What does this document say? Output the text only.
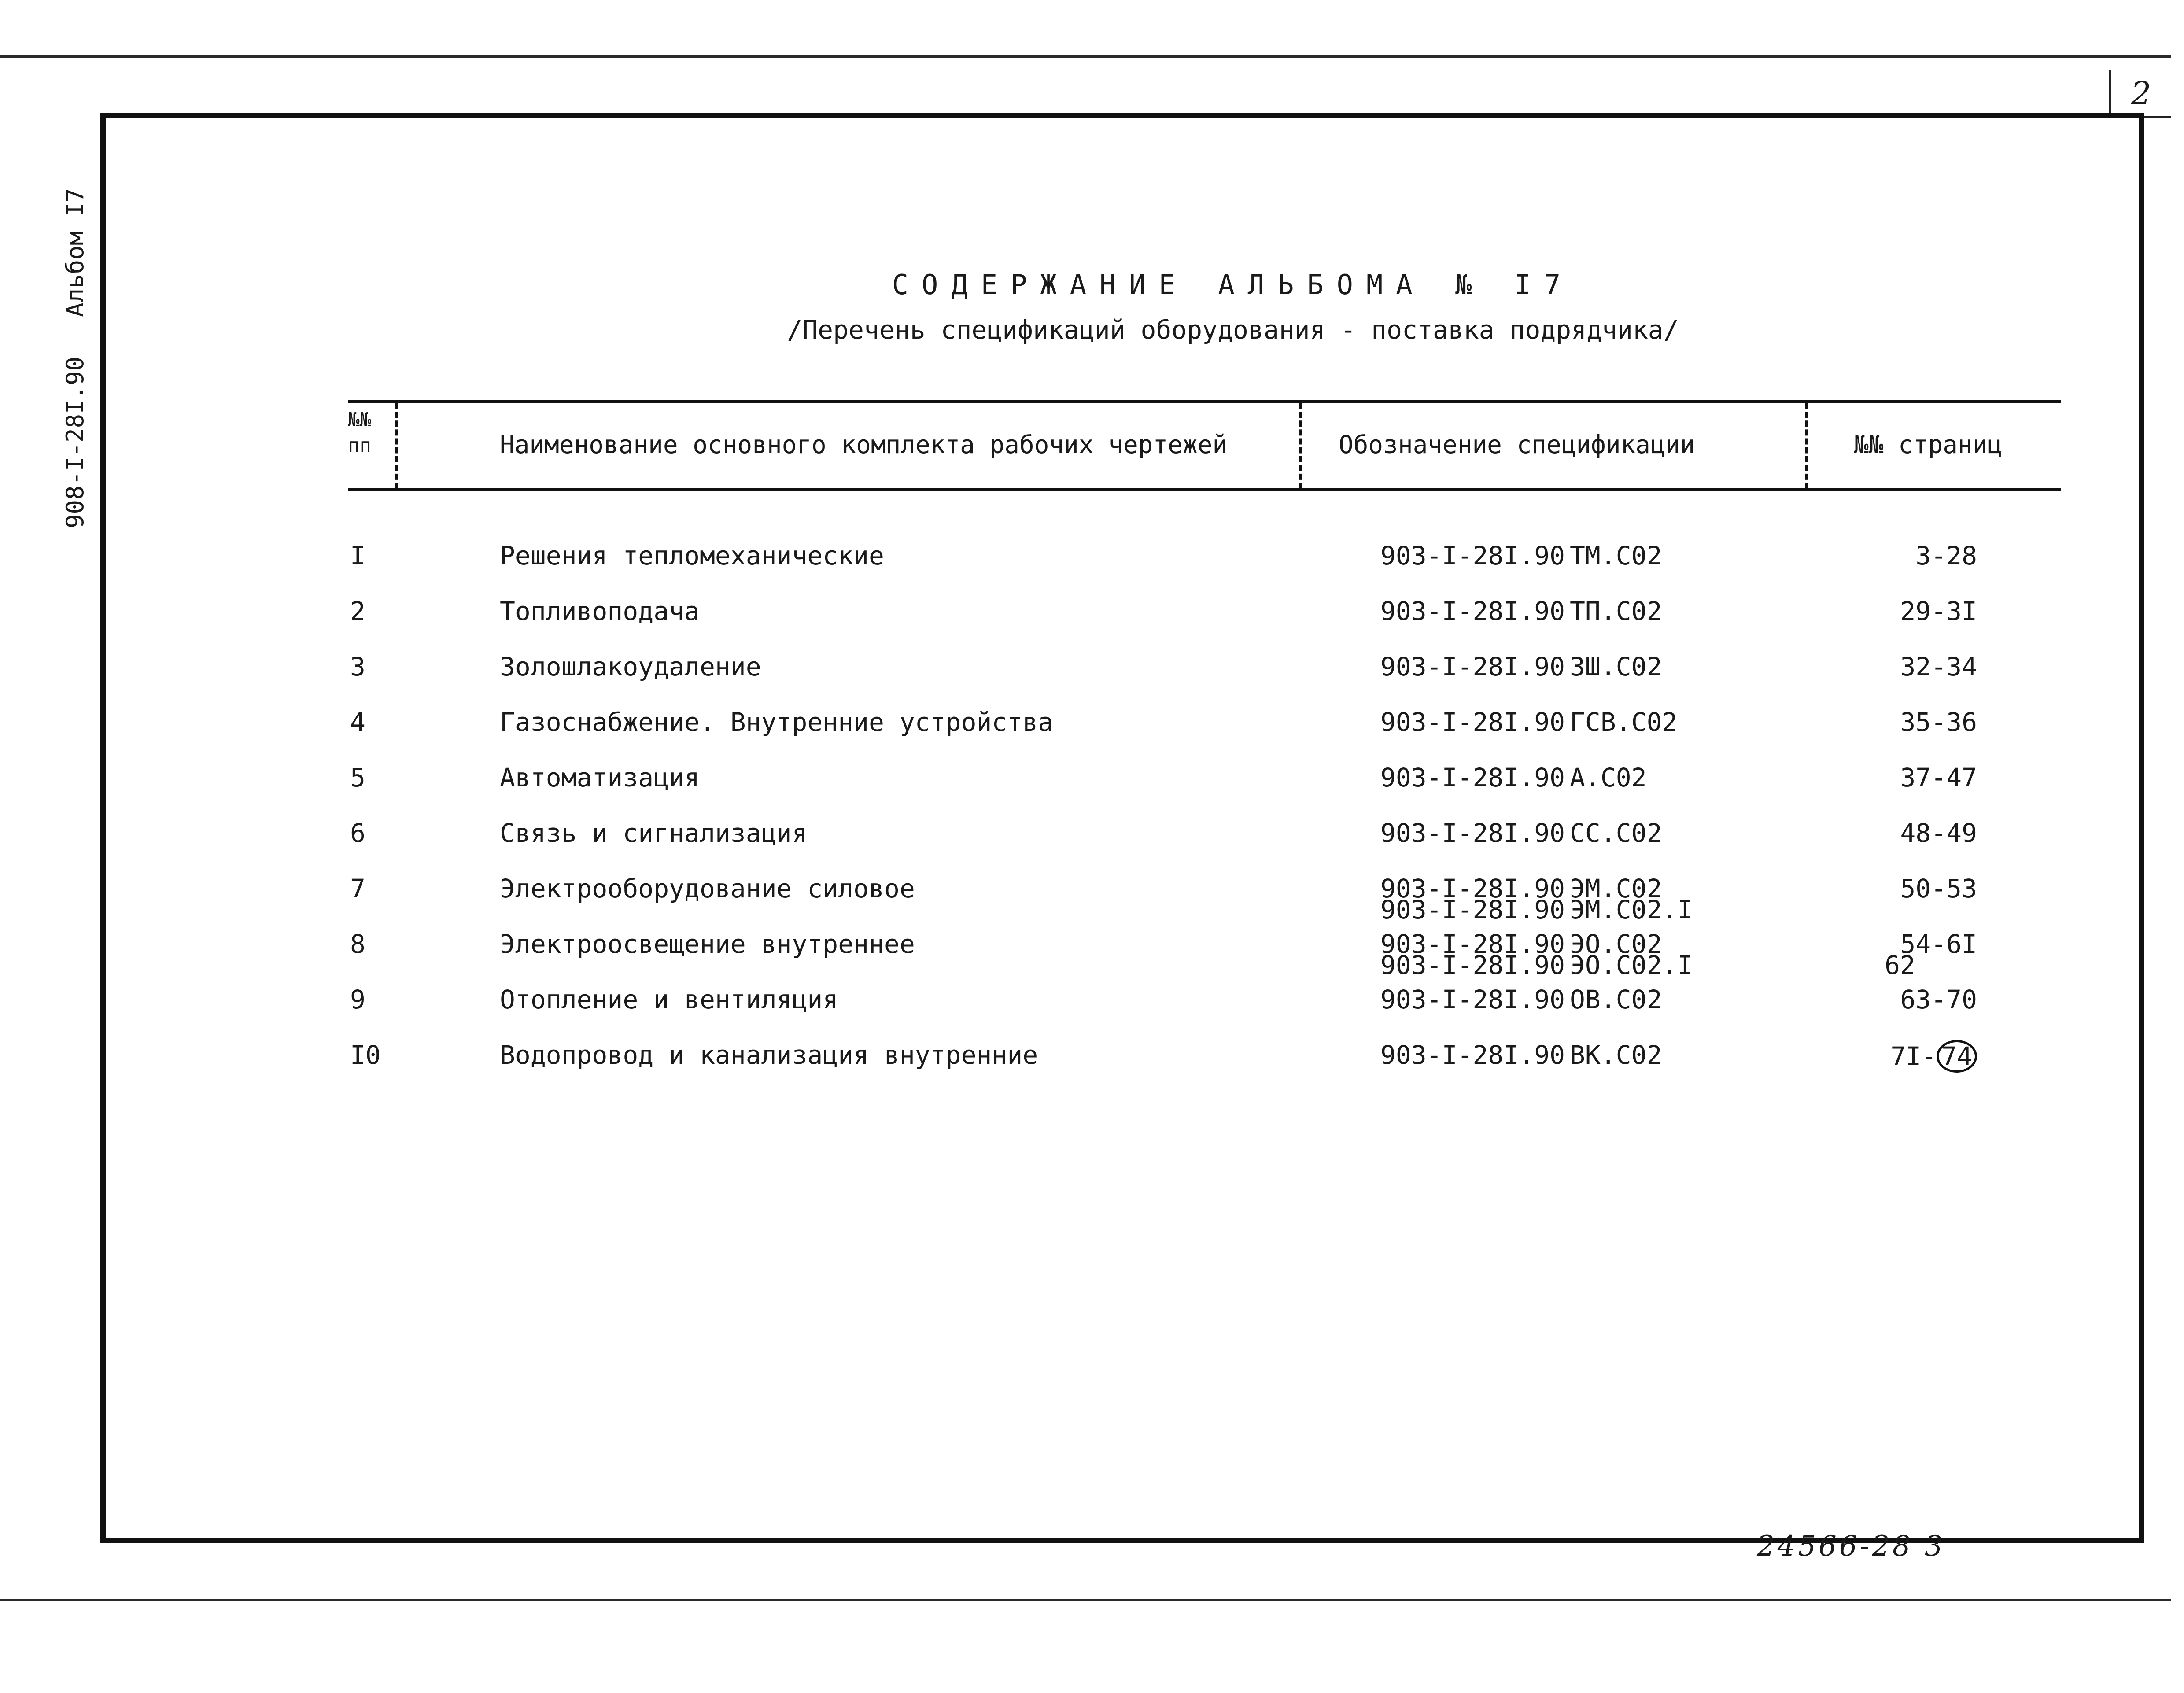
2
908-I-28I.90
Альбом I7	СОДЕРЖАНИЕ АЛЬБОМА № I7
/Перечень спецификаций оборудования - поставка подрядчика/
№№
пп	Наименование основного комплекта рабочих чертежей	Обозначение спецификации	№№ страниц
I	Решения тепломеханические	903-I-28I.90 ТМ.С02	3-28
2	Топливоподача	903-I-28I.90 ТП.С02	29-3I
3	Золошлакоудаление	903-I-28I.90 ЗШ.С02	32-34
4	Газоснабжение. Внутренние устройства	903-I-28I.90 ГСВ.С02	35-36
5	Автоматизация	903-I-28I.90 А.С02	37-47
6	Связь и сигнализация	903-I-28I.90 СС.С02	48-49
7	Электрооборудование силовое	903-I-28I.90 ЭМ.С02	50-53
903-I-28I.90 ЭМ.С02.I
8	Электроосвещение внутреннее	903-I-28I.90 ЭО.С02	54-6I
903-I-28I.90 ЭО.С02.I	62
9	Отопление и вентиляция	903-I-28I.90 ОВ.С02	63-70
I0	Водопровод и канализация внутренние	903-I-28I.90 ВК.С02	7I- 74
24566-28 3
